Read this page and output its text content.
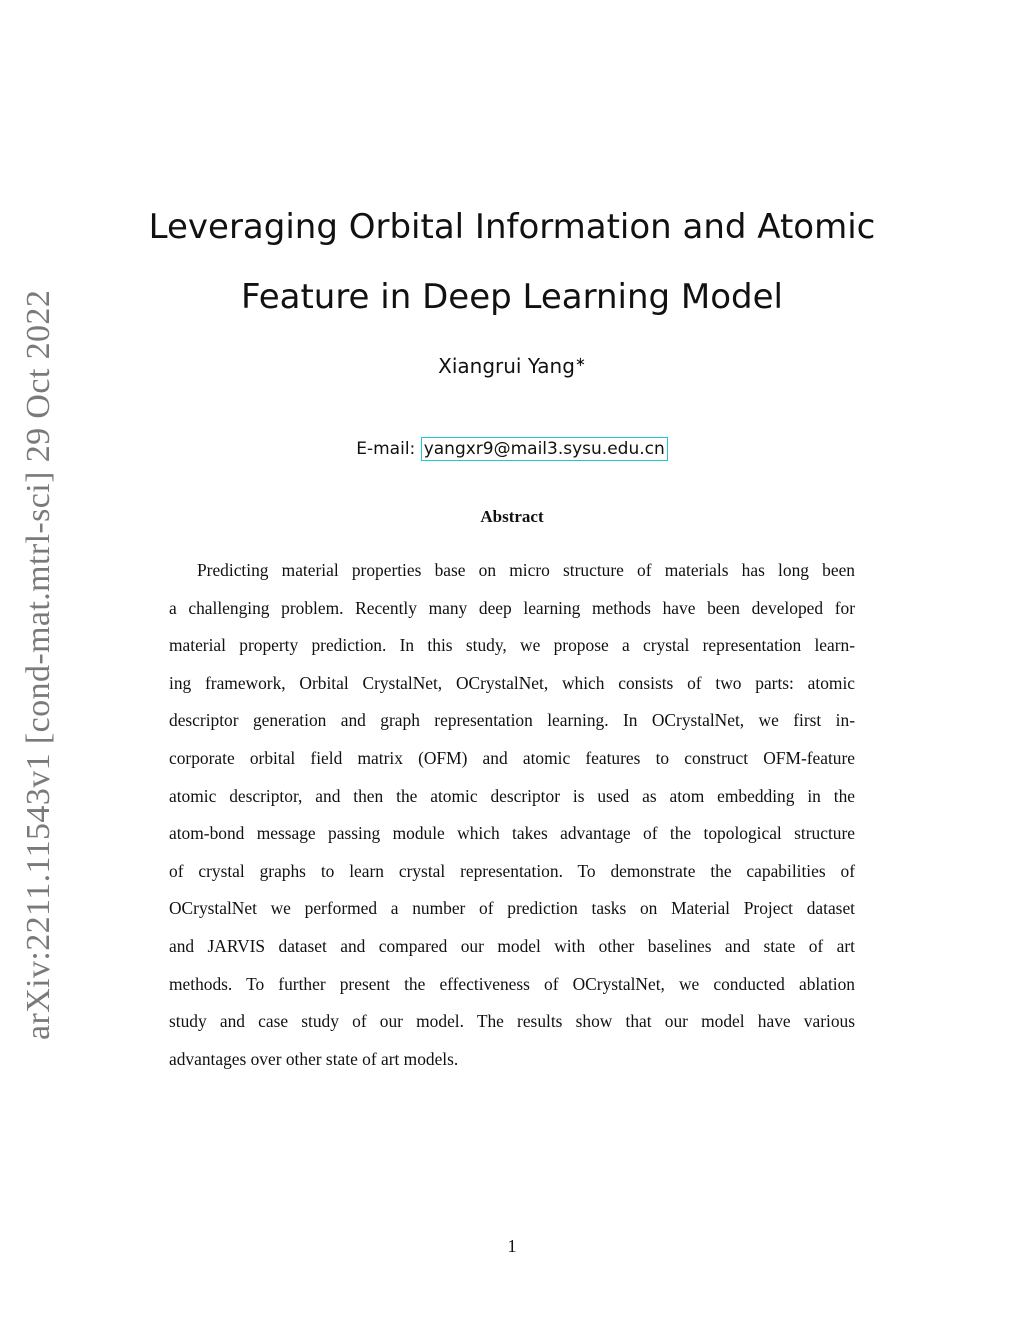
arXiv:2211.11543v1 [cond-mat.mtrl-sci] 29 Oct 2022
Leveraging Orbital Information and Atomic
Feature in Deep Learning Model
Xiangrui Yang∗
E-mail: yangxr9@mail3.sysu.edu.cn
Abstract
Predicting material properties base on micro structure of materials has long been
a challenging problem. Recently many deep learning methods have been developed for
material property prediction. In this study, we propose a crystal representation learn-
ing framework, Orbital CrystalNet, OCrystalNet, which consists of two parts: atomic
descriptor generation and graph representation learning. In OCrystalNet, we first in-
corporate orbital field matrix (OFM) and atomic features to construct OFM-feature
atomic descriptor, and then the atomic descriptor is used as atom embedding in the
atom-bond message passing module which takes advantage of the topological structure
of crystal graphs to learn crystal representation. To demonstrate the capabilities of
OCrystalNet we performed a number of prediction tasks on Material Project dataset
and JARVIS dataset and compared our model with other baselines and state of art
methods. To further present the effectiveness of OCrystalNet, we conducted ablation
study and case study of our model. The results show that our model have various
advantages over other state of art models.
1
